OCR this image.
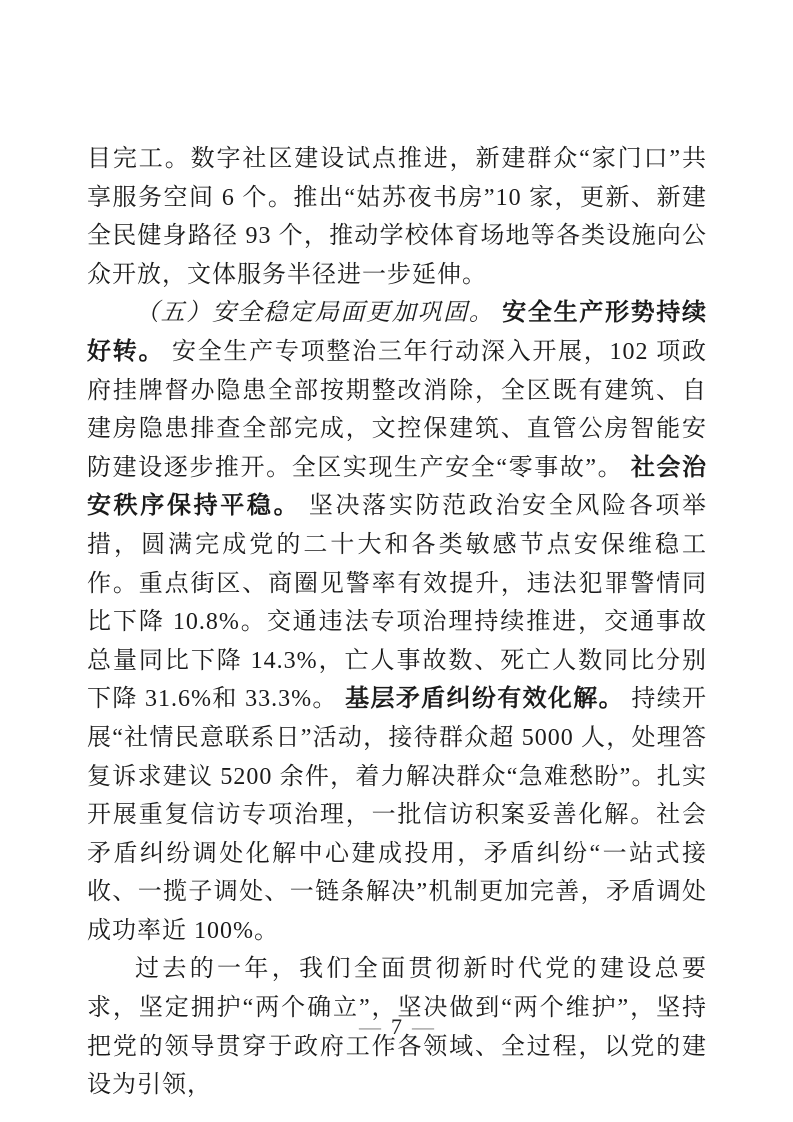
目完工。数字社区建设试点推进，新建群众“家门口”共享服务空间 6 个。推出“姑苏夜书房”10 家，更新、新建全民健身路径 93 个，推动学校体育场地等各类设施向公众开放，文体服务半径进一步延伸。

（五）安全稳定局面更加巩固。 安全生产形势持续好转。 安全生产专项整治三年行动深入开展，102 项政府挂牌督办隐患全部按期整改消除，全区既有建筑、自建房隐患排查全部完成，文控保建筑、直管公房智能安防建设逐步推开。全区实现生产安全“零事故”。 社会治安秩序保持平稳。 坚决落实防范政治安全风险各项举措，圆满完成党的二十大和各类敏感节点安保维稳工作。重点街区、商圈见警率有效提升，违法犯罪警情同比下降 10.8%。交通违法专项治理持续推进，交通事故总量同比下降 14.3%，亡人事故数、死亡人数同比分别下降 31.6%和 33.3%。 基层矛盾纠纷有效化解。 持续开展“社情民意联系日”活动，接待群众超 5000 人，处理答复诉求建议 5200 余件，着力解决群众“急难愁盼”。扎实开展重复信访专项治理，一批信访积案妥善化解。社会矛盾纠纷调处化解中心建成投用，矛盾纠纷“一站式接收、一揽子调处、一链条解决”机制更加完善，矛盾调处成功率近 100%。

过去的一年，我们全面贯彻新时代党的建设总要求，坚定拥护“两个确立”，坚决做到“两个维护”，坚持把党的领导贯穿于政府工作各领域、全过程，以党的建设为引领，

— 7 —
